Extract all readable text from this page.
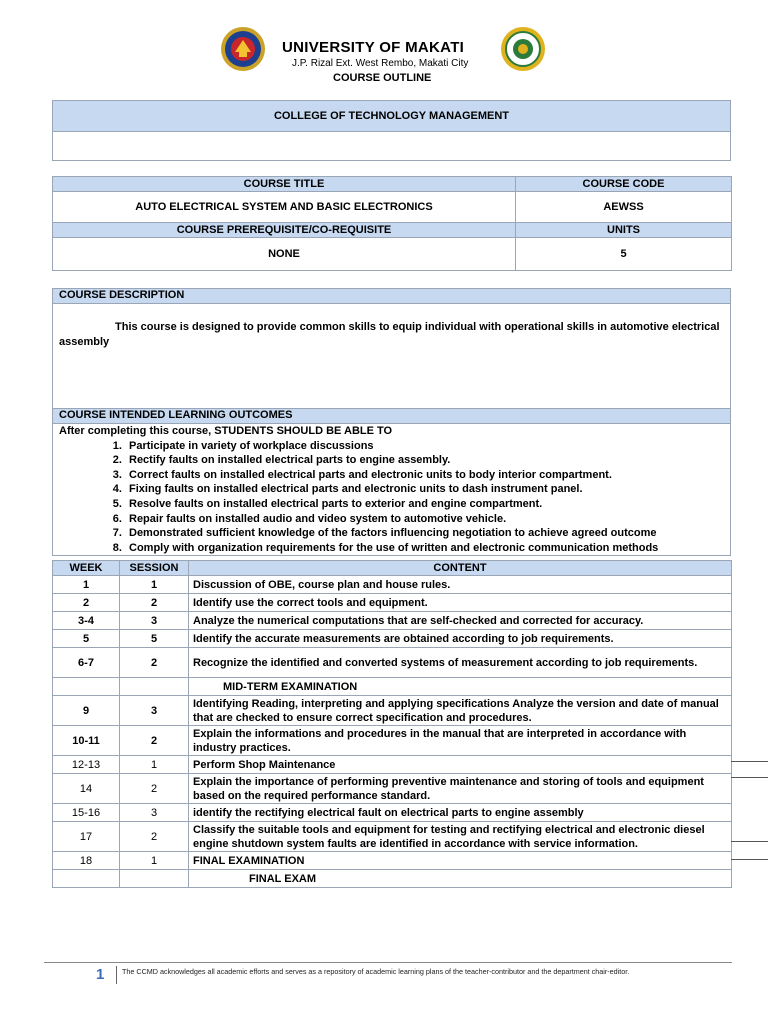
UNIVERSITY OF MAKATI
J.P. Rizal Ext. West Rembo, Makati City
COURSE OUTLINE
COLLEGE OF TECHNOLOGY MANAGEMENT

COURSE TITLE	COURSE CODE
AUTO ELECTRICAL SYSTEM AND BASIC ELECTRONICS	AEWSS
COURSE PREREQUISITE/CO-REQUISITE	UNITS
NONE	5
COURSE DESCRIPTION
This course is designed to provide common skills to equip individual with operational skills in automotive electrical assembly
COURSE INTENDED LEARNING OUTCOMES

After completing this course, STUDENTS SHOULD BE ABLE TO
1. Participate in variety of workplace discussions
2. Rectify faults on installed electrical parts to engine assembly.
3. Correct faults on installed electrical parts and electronic units to body interior compartment.
4. Fixing faults on installed electrical parts and electronic units to dash instrument panel.
5. Resolve faults on installed electrical parts to exterior and engine compartment.
6. Repair faults on installed audio and video system to automotive vehicle.
7. Demonstrated sufficient knowledge of the factors influencing negotiation to achieve agreed outcome
8. Comply with organization requirements for the use of written and electronic communication methods
WEEK	SESSION	CONTENT
1	1	Discussion of OBE, course plan and house rules.
2	2	Identify use the correct tools and equipment.
3-4	3	Analyze the numerical computations that are self-checked and corrected for accuracy.
5	5	Identify the accurate measurements are obtained according to job requirements.
6-7	2	Recognize the identified and converted systems of measurement according to job requirements.
		MID-TERM EXAMINATION
9	3	Identifying Reading, interpreting and applying specifications Analyze the version and date of manual that are checked to ensure correct specification and procedures.
10-11	2	Explain the informations and procedures in the manual that are interpreted in accordance with industry practices.
12-13	1	Perform Shop Maintenance
14	2	Explain the importance of performing preventive maintenance and storing of tools and equipment based on the required performance standard.
15-16	3	identify the rectifying electrical fault on electrical parts to engine assembly
17	2	Classify the suitable tools and equipment for testing and rectifying electrical and electronic diesel engine shutdown system faults are identified in accordance with service information.
18	1	FINAL EXAMINATION
		FINAL EXAM
1 The CCMD acknowledges all academic efforts and serves as a repository of academic learning plans of the teacher-contributor and the department chair-editor.
